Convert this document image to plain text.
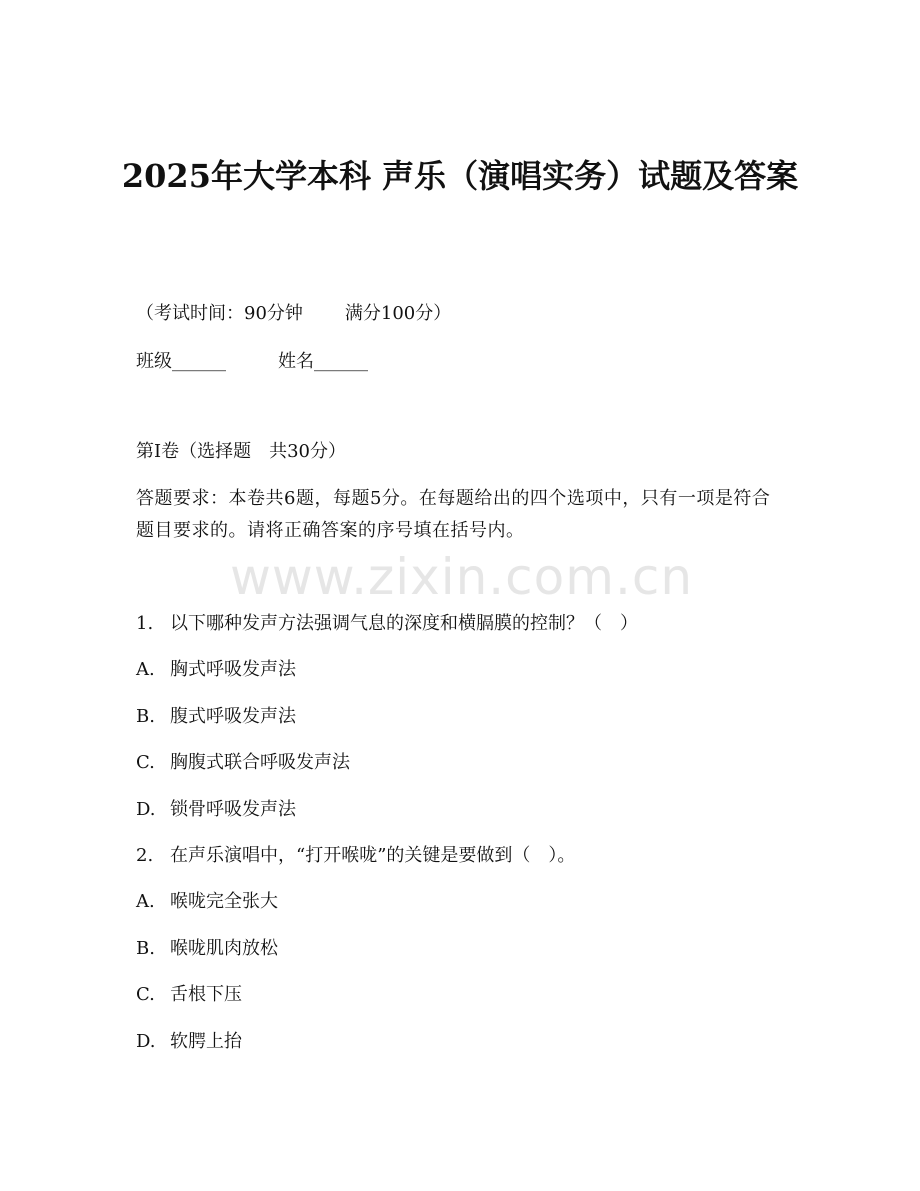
2025年大学本科 声乐（演唱实务）试题及答案
（考试时间：90分钟 满分100分）
班级______	姓名______
第I卷（选择题　共30分）
答题要求：本卷共6题，每题5分。在每题给出的四个选项中，只有一项是符合题目要求的。请将正确答案的序号填在括号内。
www.zixin.com.cn
1. 以下哪种发声方法强调气息的深度和横膈膜的控制？（　）
A. 胸式呼吸发声法
B. 腹式呼吸发声法
C. 胸腹式联合呼吸发声法
D. 锁骨呼吸发声法
2. 在声乐演唱中，“打开喉咙”的关键是要做到（　）。
A. 喉咙完全张大
B. 喉咙肌肉放松
C. 舌根下压
D. 软腭上抬
